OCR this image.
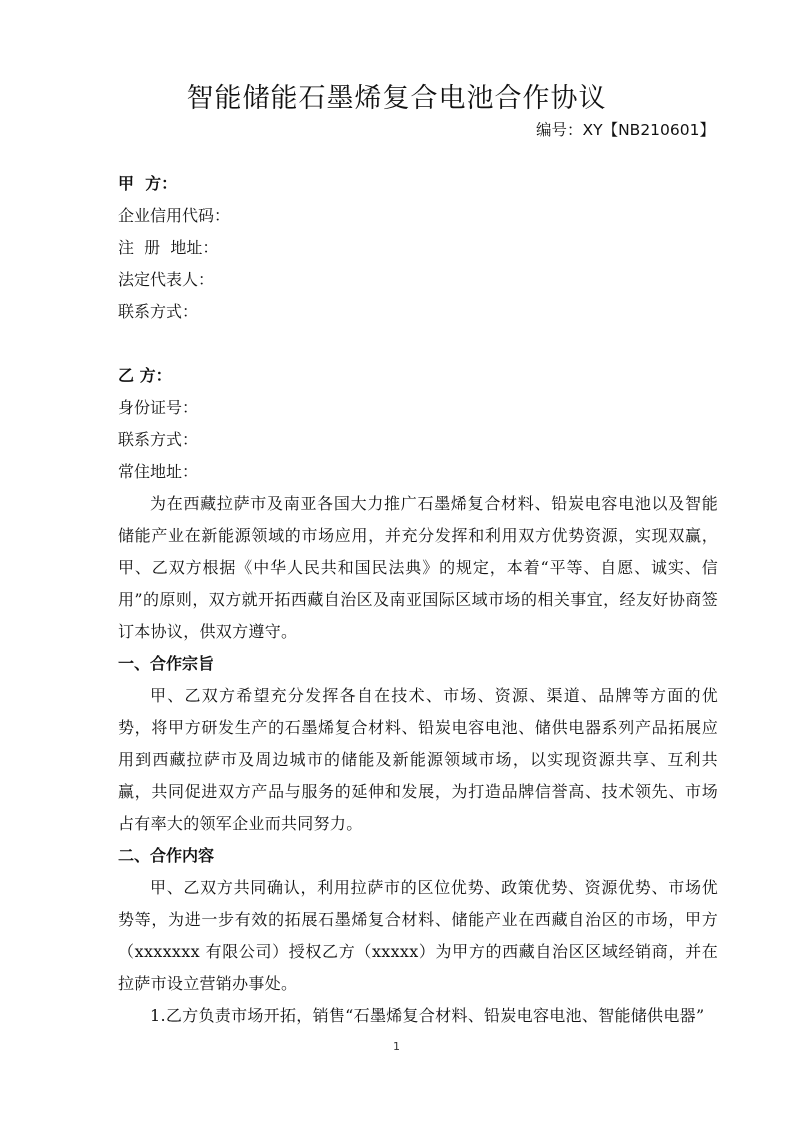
智能储能石墨烯复合电池合作协议
编号：XY【NB210601】
甲  方：
企业信用代码：
注  册  地址：
法定代表人：
联系方式：
乙 方：
身份证号：
联系方式：
常住地址：
为在西藏拉萨市及南亚各国大力推广石墨烯复合材料、铅炭电容电池以及智能储能产业在新能源领域的市场应用，并充分发挥和利用双方优势资源，实现双赢，甲、乙双方根据《中华人民共和国民法典》的规定，本着“平等、自愿、诚实、信用”的原则，双方就开拓西藏自治区及南亚国际区域市场的相关事宜，经友好协商签订本协议，供双方遵守。
一、合作宗旨
甲、乙双方希望充分发挥各自在技术、市场、资源、渠道、品牌等方面的优势，将甲方研发生产的石墨烯复合材料、铅炭电容电池、储供电器系列产品拓展应用到西藏拉萨市及周边城市的储能及新能源领域市场，以实现资源共享、互利共赢，共同促进双方产品与服务的延伸和发展，为打造品牌信誉高、技术领先、市场占有率大的领军企业而共同努力。
二、合作内容
甲、乙双方共同确认，利用拉萨市的区位优势、政策优势、资源优势、市场优势等，为进一步有效的拓展石墨烯复合材料、储能产业在西藏自治区的市场，甲方（xxxxxxx 有限公司）授权乙方（xxxxx）为甲方的西藏自治区区域经销商，并在拉萨市设立营销办事处。
1.乙方负责市场开拓，销售“石墨烯复合材料、铅炭电容电池、智能储供电器”
1
